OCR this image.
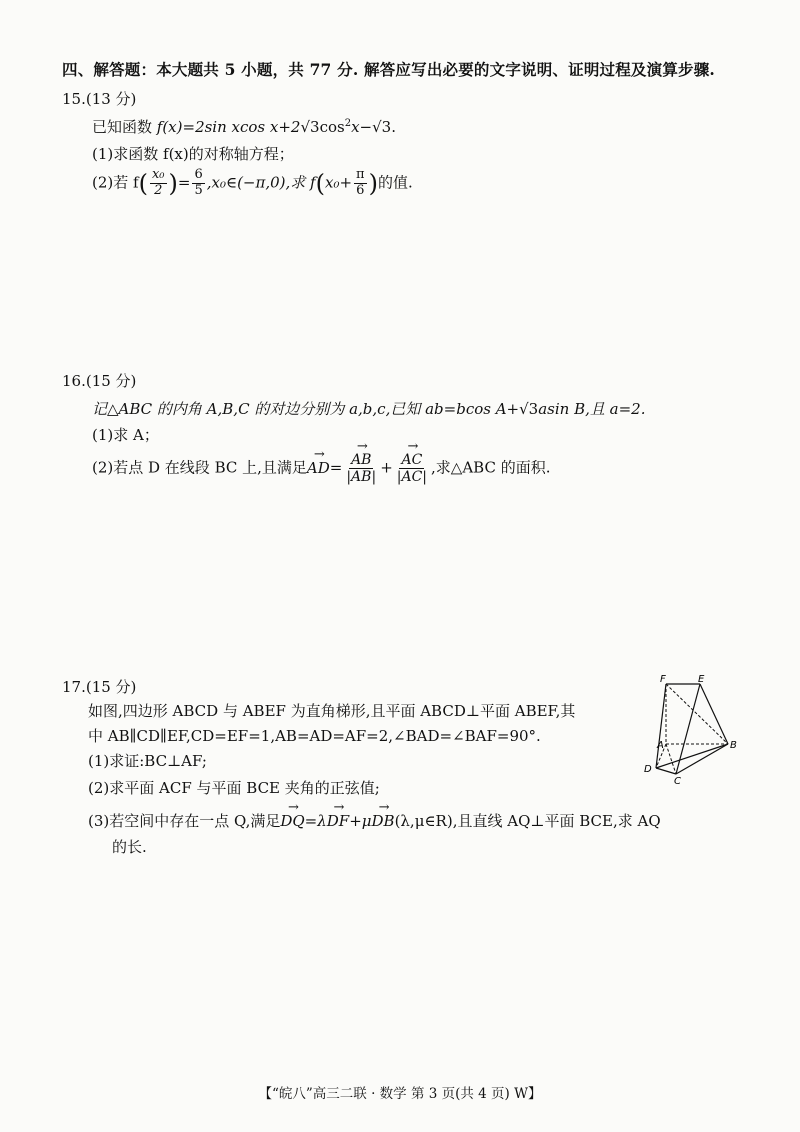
四、解答题：本大题共 5 小题，共 77 分. 解答应写出必要的文字说明、证明过程及演算步骤.
15.(13 分)
已知函数 f(x)=2sin xcos $x+2√3\cos^2x-√3$.
(1)求函数 f(x)的对称轴方程；
(2)若 $f( \frac{\text{x₀}}{2}$ )= $\frac{6}{5}$ ,x₀∈(−π,0),求 $f(x_0+ \frac{\pi}{6}$ )的值.
16.(15 分)
记△ABC 的内角 A,B,C 的对边分别为 a,b,c,已知 ab=bcos A+√3asin B,且 a=2.
(1)求 A；
(2)若点 D 在线段 BC 上,且满足→ $AD= \to \frac{AB}{|AB|}$ + → $\frac{AC}{|AC|}$ ,求△ABC 的面积.
17.(15 分)
如图,四边形 ABCD 与 ABEF 为直角梯形,且平面 ABCD⊥平面 ABEF,其
中 AB∥CD∥EF,CD=EF=1,AB=AD=AF=2,∠BAD=∠BAF=90°.
(1)求证:BC⊥AF;
(2)求平面 ACF 与平面 BCE 夹角的正弦值;
(3)若空间中存在一点 Q,满足→ DQ=λ→ DF+μ→ DB(λ,μ∈R),且直线 AQ⊥平面 BCE,求 AQ
的长.
F	E
A	B
D
C
【“皖八”高三二联 · 数学 第 3 页(共 4 页) W】
